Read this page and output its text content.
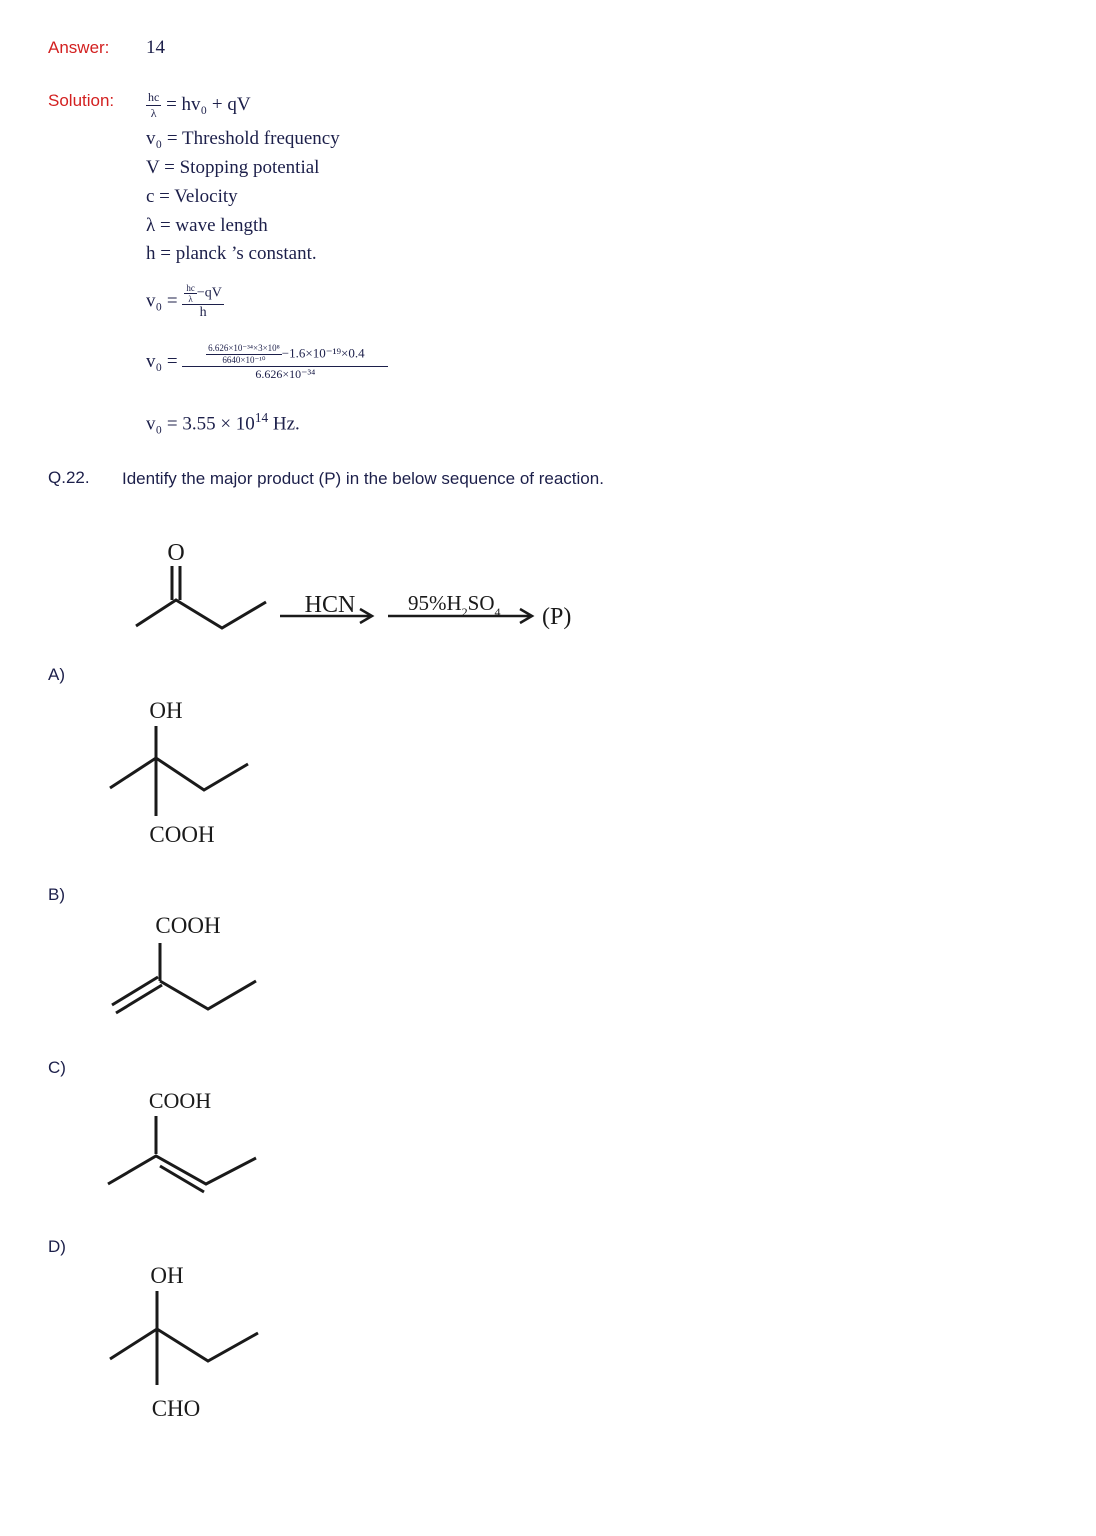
Answer: 14
Solution:	$\frac{hc}{\lambda} = hv_0$ + qV
v₀ = Threshold frequency
V = Stopping potential
c = Velocity
λ = wave length
h = planck ’s constant.
$v_0 = \frac{\frac{hc}{\lambda} -qV}{h}$
$v_0 = \frac{\frac{\text{6.626×10⁻³⁴×3×10⁸}}{\text{6640×10⁻¹⁰}} -1.6\times 10^{-19}\times 0.4}{\text{6.626×10⁻³⁴}}$
$v_0 = 3.55 \times 10^{14}$ Hz.
Q.22. Identify the major product (P) in the below sequence of reaction.
O
HCN	$95\%H_2SO_4$ (P)
A)
OH
COOH
B)
COOH
C)
COOH
D)
OH
CHO
